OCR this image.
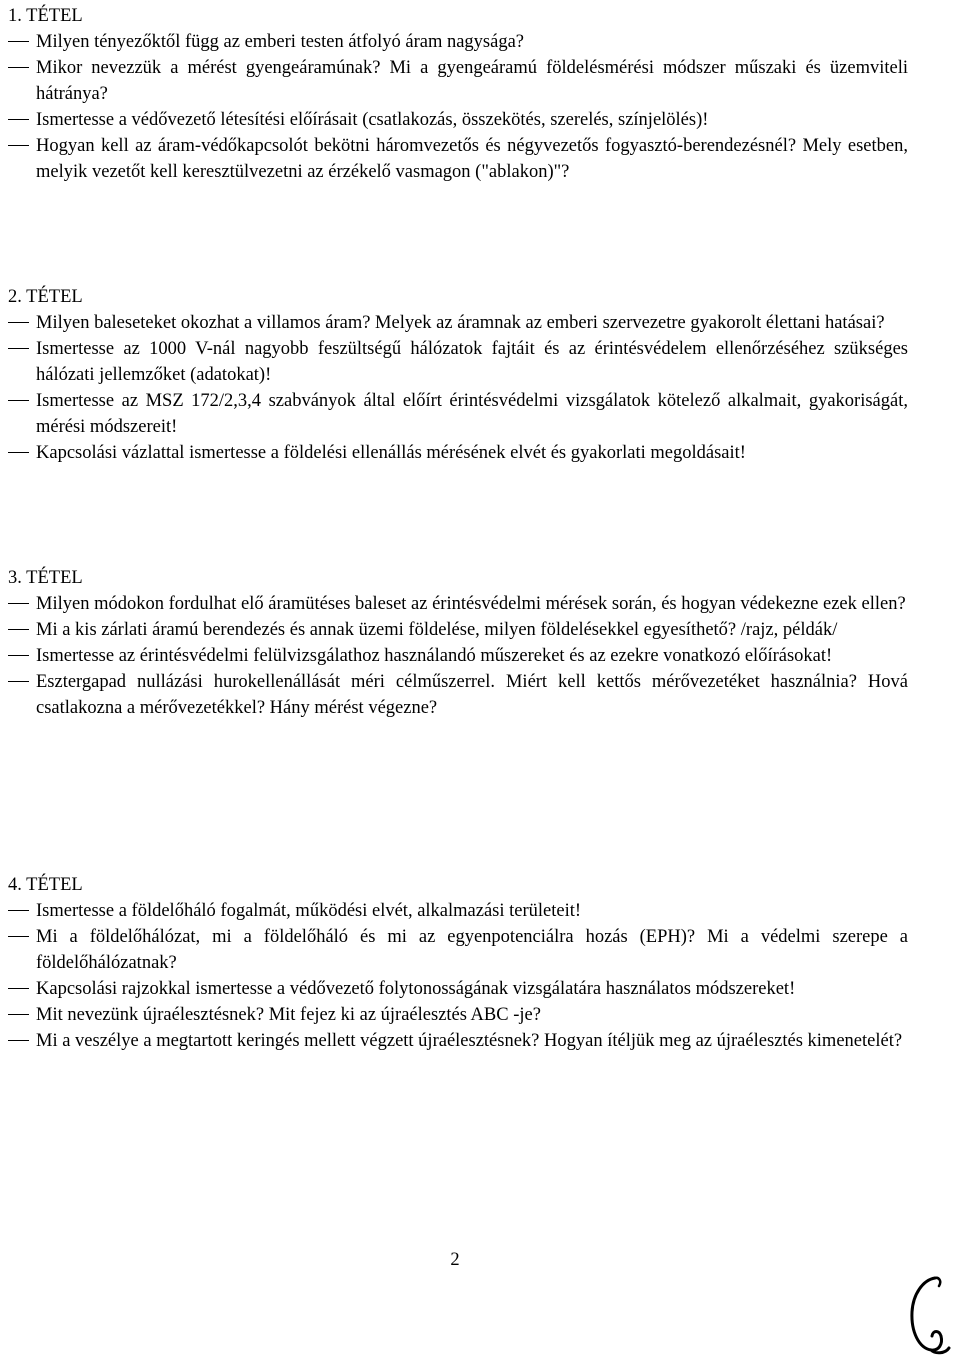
1. TÉTEL
Milyen tényezőktől függ az emberi testen átfolyó áram nagysága?
Mikor nevezzük a mérést gyengeáramúnak? Mi a gyengeáramú földelésmérési módszer műszaki és üzemviteli hátránya?
Ismertesse a védővezető létesítési előírásait (csatlakozás, összekötés, szerelés, színjelölés)!
Hogyan kell az áram-védőkapcsolót bekötni háromvezetős és négyvezetős fogyasztó-berendezésnél? Mely esetben, melyik vezetőt kell keresztülvezetni az érzékelő vasmagon ("ablakon)"?
2. TÉTEL
Milyen baleseteket okozhat a villamos áram? Melyek az áramnak az emberi szervezetre gyakorolt élettani hatásai?
Ismertesse az 1000 V-nál nagyobb feszültségű hálózatok fajtáit és az érintésvédelem ellenőrzéséhez szükséges hálózati jellemzőket (adatokat)!
Ismertesse az MSZ 172/2,3,4 szabványok által előírt érintésvédelmi vizsgálatok kötelező alkalmait, gyakoriságát, mérési módszereit!
Kapcsolási vázlattal ismertesse a földelési ellenállás mérésének elvét és gyakorlati megoldásait!
3. TÉTEL
Milyen módokon fordulhat elő áramütéses baleset az érintésvédelmi mérések során, és hogyan védekezne ezek ellen?
Mi a kis zárlati áramú berendezés és annak üzemi földelése, milyen földelésekkel egyesíthető? /rajz, példák/
Ismertesse az érintésvédelmi felülvizsgálathoz használandó műszereket és az ezekre vonatkozó előírásokat!
Esztergapad nullázási hurokellenállását méri célműszerrel. Miért kell kettős mérővezetéket használnia? Hová csatlakozna a mérővezetékkel? Hány mérést végezne?
4. TÉTEL
Ismertesse a földelőháló fogalmát, működési elvét, alkalmazási területeit!
Mi a földelőhálózat, mi a földelőháló és mi az egyenpotenciálra hozás (EPH)? Mi a védelmi szerepe a földelőhálózatnak?
Kapcsolási rajzokkal ismertesse a védővezető folytonosságának vizsgálatára használatos módszereket!
Mit nevezünk újraélesztésnek? Mit fejez ki az újraélesztés ABC -je?
Mi a veszélye a megtartott keringés mellett végzett újraélesztésnek? Hogyan ítéljük meg az újraélesztés kimenetelét?
2
